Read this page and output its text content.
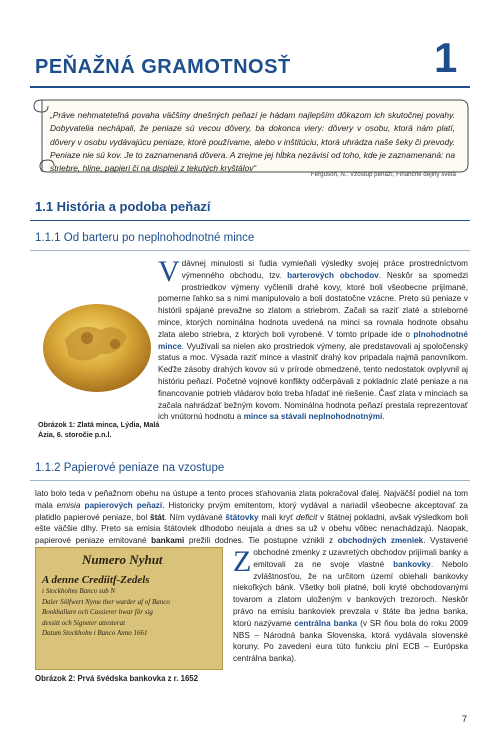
PEŇAŽNÁ GRAMOTNOSŤ	1
„Práve nehmateteľná povaha väčšiny dnešných peňazí je hádam najlepším dôkazom ich skutočnej povahy. Dobyvatelia nechápali, že peniaze sú vecou dôvery, ba dokonca viery: dôvery v osobu, ktorá nám platí, dôvery v osobu vydávajúcu peniaze, ktoré používame, alebo v inštitúciu, ktorá uhrádza naše šeky či prevody. Peniaze nie sú kov. Je to zaznamenaná dôvera. A zrejme jej hĺbka nezávisí od toho, kde je zaznamenaná: na striebre, hline, papieri či na displeji z tekutých kryštálov“
Ferguson, N.: Vzostup peňazí, Finančné dejiny sveta
1.1 História a podoba peňazí
1.1.1 Od barteru po neplnohodnotné mince
Obrázok 1: Zlatá minca, Lýdia, Malá Ázia, 6. storočie p.n.l.
Vdávnej minulosti si ľudia vymieňali výsledky svojej práce prostredníctvom výmenného obchodu, tzv. barterových obchodov. Neskôr sa spomedzi prostriedkov výmeny vyčlenili drahé kovy, ktoré boli všeobecne prijímané, pomerne ľahko sa s nimi manipulovalo a boli dostatočne vzácne. Preto sú peniaze v histórii spájané prevažne so zlatom a striebrom. Začali sa raziť zlaté a strieborné mince, ktorých nominálna hodnota uvedená na minci sa rovnala hodnote obsahu zlata alebo striebra, z ktorých boli vyrobené. V tomto prípade ide o plnohodnotné mince. Využívali sa nielen ako prostriedok výmeny, ale predstavovali aj spoločenský status a moc. Výsada raziť mince a vlastniť drahý kov pripadala najmä panovníkom. Keďže zásoby drahých kovov sú v prírode obmedzené, tento nedostatok ovplyvnil aj históriu peňazí. Početné vojnové konflikty odčerpávali z pokladníc zlaté peniaze a na financovanie potrieb vládarov bolo treba hľadať iné riešenie. Časť zlata v minciach sa začala nahrádzať bežným kovom. Nominálna hodnota peňazí prestala reprezentovať ich vnútornú hodnotu a mince sa stávali neplnohodnotnými.
1.1.2 Papierové peniaze na vzostupe
Numero Nyhut
A denne Crediitf-Zedels
i Stockholms Banco sub N
Daler Sölfwert Nyme ther warder af of Banco
Bookhallare och Cassierer hwar för sig
dessitt och Signeter attesterat
Datum Stockholm i Banco Anno 1661
Obrázok 2: Prvá švédska bankovka z r. 1652
Z
lato bolo teda v peňažnom obehu na ústupe a tento proces sťahovania zlata pokračoval ďalej. Najväčší podiel na tom mala emisia papierových peňazí. Historicky prvým emitentom, ktorý vydával a nariadil všeobecne akceptovať za platidlo papierové peniaze, bol štát. Ním vydávané štátovky mali kryť deficit v štátnej pokladni, avšak výsledkom boli ešte väčšie dlhy. Preto sa emisia štátoviek dlhodobo neujala a dnes sa už v obehu vôbec nenachádzajú. Naopak, papierové peniaze emitované bankami prežili dodnes. Tie postupne vznikli z obchodných zmeniek. Vystavené obchodné zmenky z uzavretých obchodov prijímali banky a emitovali za ne svoje vlastné bankovky. Nebolo zvláštnosťou, že na určitom území obiehali bankovky niekoľkých bánk. Všetky boli platné, boli kryté obchodovanými tovarom a zlatom uloženým v bankových trezoroch. Neskôr právo na emisiu bankoviek prevzala v štáte iba jedna banka, ktorú nazývame centrálna banka (v SR ňou bola do roku 2009 NBS – Národná banka Slovenska, ktorá vydávala slovenské koruny. Po zavedení eura túto funkciu plní ECB – Európska centrálna banka).
7
